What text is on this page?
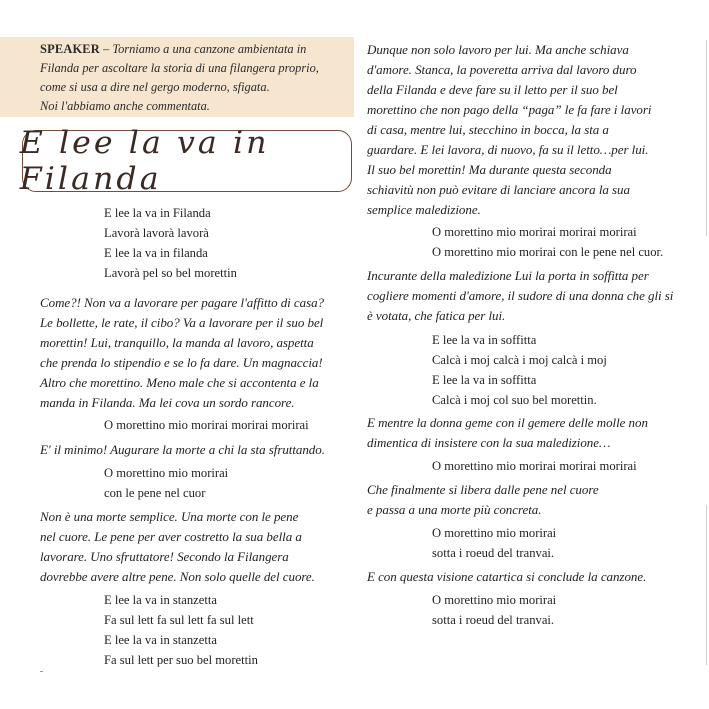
SPEAKER – Torniamo a una canzone ambientata in
Filanda per ascoltare la storia di una filangera proprio,
come si usa a dire nel gergo moderno, sfigata.
Noi l'abbiamo anche commentata.
E lee la va in Filanda
E lee la va in Filanda
Lavorà lavorà lavorà
E lee la va in filanda
Lavorà pel so bel morettin
Come?! Non va a lavorare per pagare l'affitto di casa?
Le bollette, le rate, il cibo? Va a lavorare per il suo bel
morettin! Lui, tranquillo, la manda al lavoro, aspetta
che prenda lo stipendio e se lo fa dare. Un magnaccia!
Altro che morettino. Meno male che si accontenta e la
manda in Filanda. Ma lei cova un sordo rancore.
O morettino mio morirai morirai morirai
E' il minimo! Augurare la morte a chi la sta sfruttando.
O morettino mio morirai
con le pene nel cuor
Non è una morte semplice. Una morte con le pene
nel cuore. Le pene per aver costretto la sua bella a
lavorare. Uno sfruttatore! Secondo la Filangera
dovrebbe avere altre pene. Non solo quelle del cuore.
E lee la va in stanzetta
Fa sul lett fa sul lett fa sul lett
E lee la va in stanzetta
Fa sul lett per suo bel morettin
Dunque non solo lavoro per lui. Ma anche schiava
d'amore. Stanca, la poveretta arriva dal lavoro duro
della Filanda e deve fare su il letto per il suo bel
morettino che non pago della “paga” le fa fare i lavori
di casa, mentre lui, stecchino in bocca, la sta a
guardare. E lei lavora, di nuovo, fa su il letto…per lui.
Il suo bel morettin! Ma durante questa seconda
schiavitù non può evitare di lanciare ancora la sua
semplice maledizione.
O morettino mio morirai morirai morirai
O morettino mio morirai con le pene nel cuor.
Incurante della maledizione Lui la porta in soffitta per
cogliere momenti d'amore, il sudore di una donna che gli si
è votata, che fatica per lui.
E lee la va in soffitta
Calcà i moj calcà i moj calcà i moj
E lee la va in soffitta
Calcà i moj col suo bel morettin.
E mentre la donna geme con il gemere delle molle non
dimentica di insistere con la sua maledizione…
O morettino mio morirai morirai morirai
Che finalmente si libera dalle pene nel cuore
e passa a una morte più concreta.
O morettino mio morirai
sotta i roeud del tranvai.
E con questa visione catartica si conclude la canzone.
O morettino mio morirai
sotta i roeud del tranvai.
